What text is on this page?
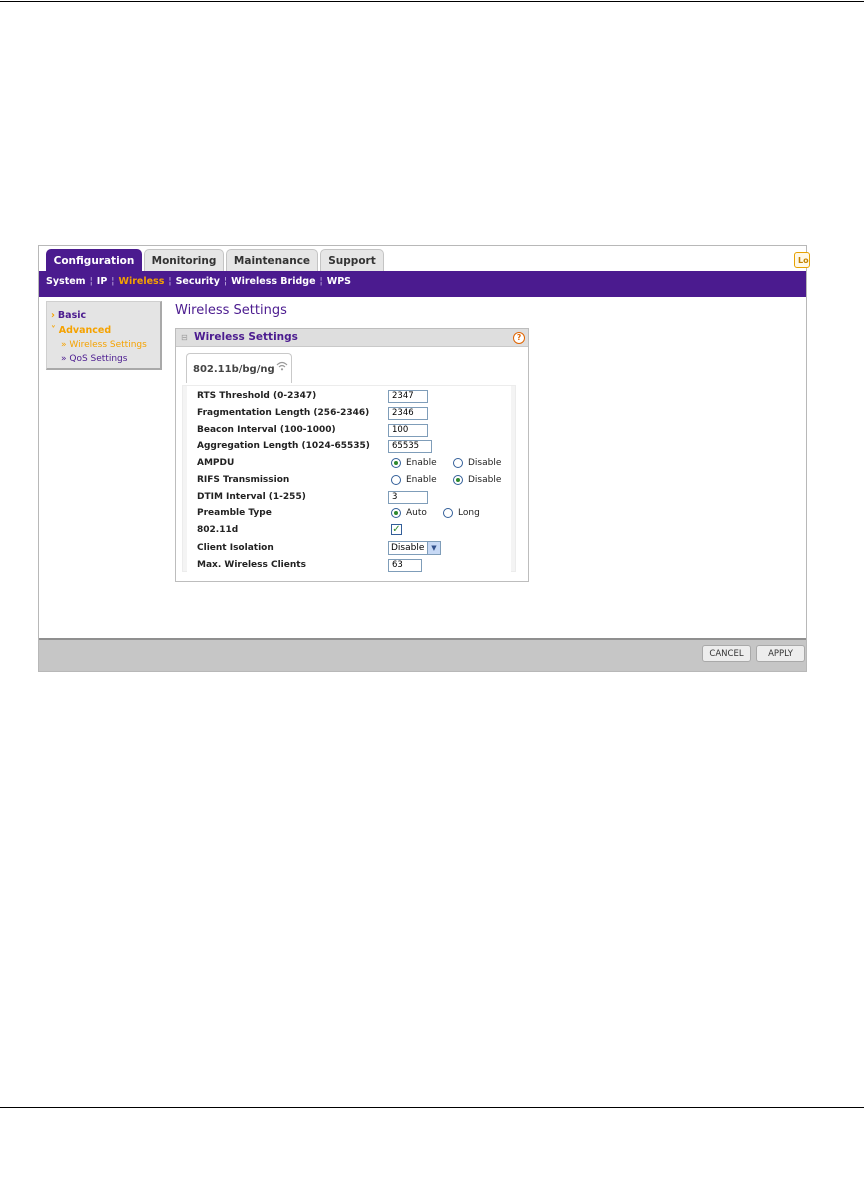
Configuration	Monitoring	Maintenance	Support	Lo
System ¦ IP ¦ Wireless ¦ Security ¦ Wireless Bridge ¦ WPS
› Basic
˅ Advanced
» Wireless Settings
» QoS Settings
Wireless Settings
⊟ Wireless Settings	?
802.11b/bg/ng
RTS Threshold (0-2347)	2347
Fragmentation Length (256-2346)	2346
Beacon Interval (100-1000)	100
Aggregation Length (1024-65535)	65535
AMPDU	Enable	Disable
RIFS Transmission	Enable	Disable
DTIM Interval (1-255)	3
Preamble Type	Auto	Long
802.11d	✓
Client Isolation	Disable ▼
Max. Wireless Clients	63
CANCEL	APPLY
